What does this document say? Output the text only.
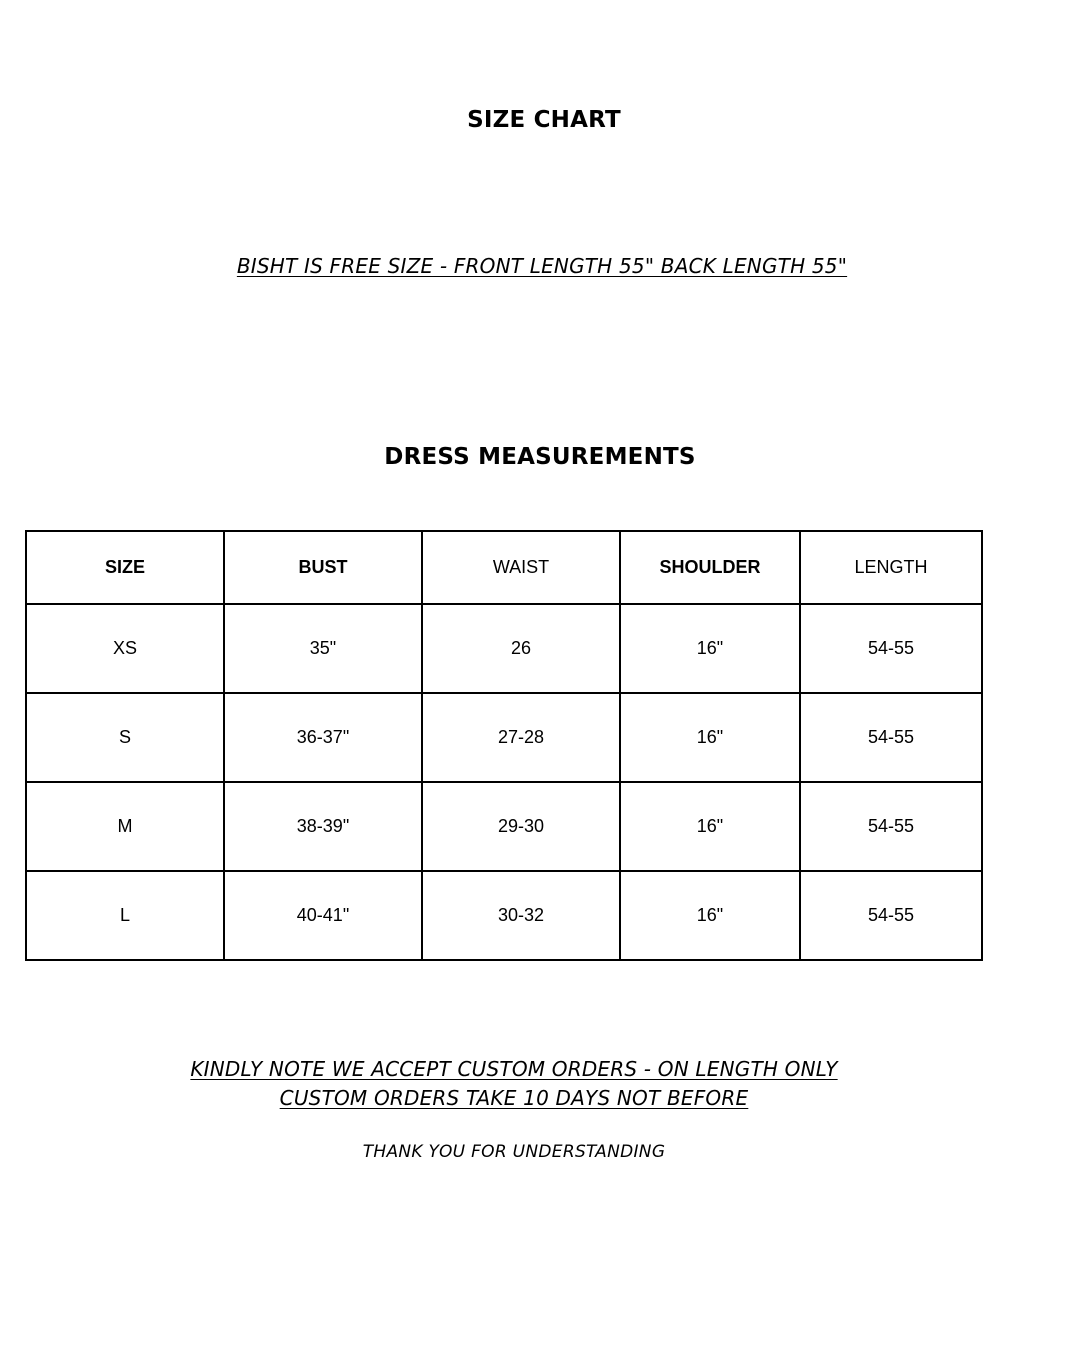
SIZE CHART
BISHT IS FREE SIZE - FRONT LENGTH 55" BACK LENGTH 55"
DRESS MEASUREMENTS
SIZE	BUST	WAIST	SHOULDER	LENGTH
XS	35"	26	16"	54-55
S	36-37"	27-28	16"	54-55
M	38-39"	29-30	16"	54-55
L	40-41"	30-32	16"	54-55
KINDLY NOTE WE ACCEPT CUSTOM ORDERS - ON LENGTH ONLY
CUSTOM ORDERS TAKE 10 DAYS NOT BEFORE
THANK YOU FOR UNDERSTANDING
